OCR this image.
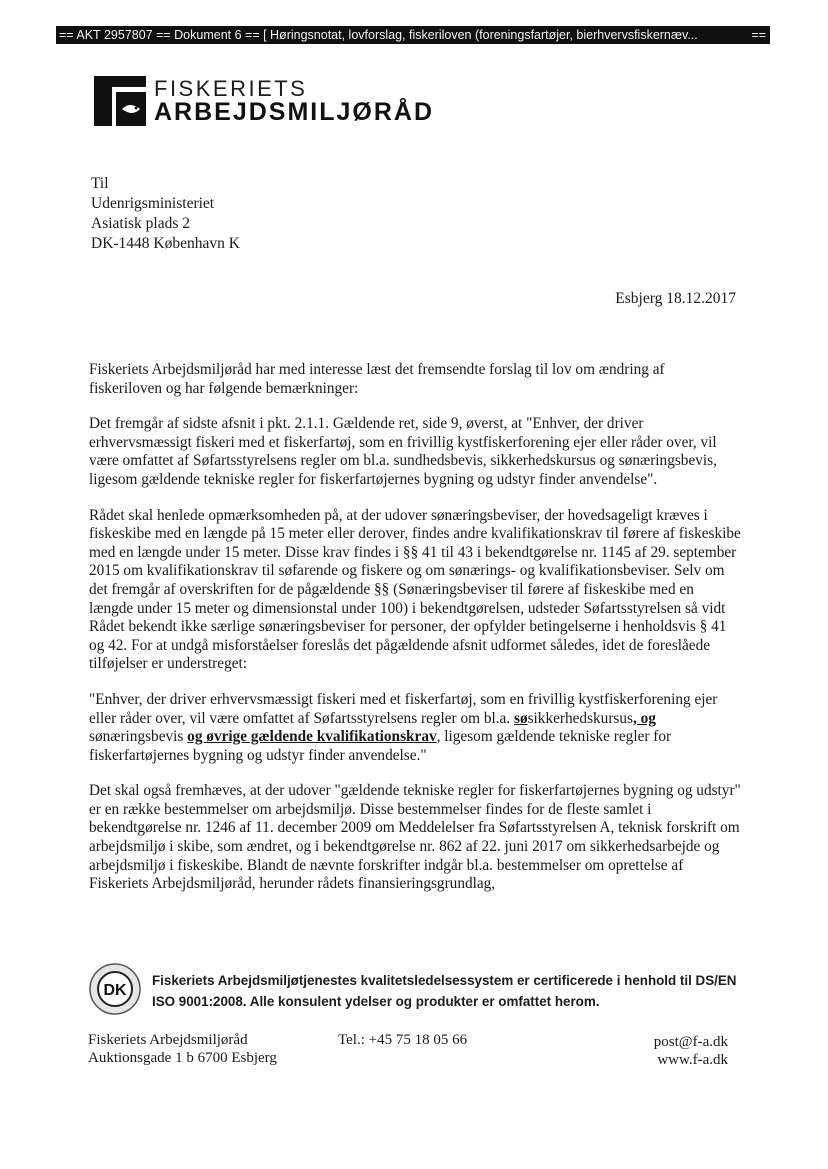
== AKT 2957807 == Dokument 6 == [ Høringsnotat, lovforslag, fiskeriloven (foreningsfartøjer, bierhvervsfiskernæv...	==
FISKERIETS
ARBEJDSMILJØRÅD
Til
Udenrigsministeriet
Asiatisk plads 2
DK-1448 København K
Esbjerg 18.12.2017

Fiskeriets Arbejdsmiljøråd har med interesse læst det fremsendte forslag til lov om ændring af fiskeriloven og har følgende bemærkninger:

Det fremgår af sidste afsnit i pkt. 2.1.1. Gældende ret, side 9, øverst, at "Enhver, der driver erhvervsmæssigt fiskeri med et fiskerfartøj, som en frivillig kystfiskerforening ejer eller råder over, vil være omfattet af Søfartsstyrelsens regler om bl.a. sundhedsbevis, sikkerhedskursus og sønæringsbevis, ligesom gældende tekniske regler for fiskerfartøjernes bygning og udstyr finder anvendelse".

Rådet skal henlede opmærksomheden på, at der udover sønæringsbeviser, der hovedsageligt kræves i fiskeskibe med en længde på 15 meter eller derover, findes andre kvalifikationskrav til førere af fiskeskibe med en længde under 15 meter. Disse krav findes i §§ 41 til 43 i bekendtgørelse nr. 1145 af 29. september 2015 om kvalifikationskrav til søfarende og fiskere og om sønærings- og kvalifikationsbeviser. Selv om det fremgår af overskriften for de pågældende §§ (Sønæringsbeviser til førere af fiskeskibe med en længde under 15 meter og dimensionstal under 100) i bekendtgørelsen, udsteder Søfartsstyrelsen så vidt Rådet bekendt ikke særlige sønæringsbeviser for personer, der opfylder betingelserne i henholdsvis § 41 og 42. For at undgå misforståelser foreslås det pågældende afsnit udformet således, idet de foreslåede tilføjelser er understreget:

"Enhver, der driver erhvervsmæssigt fiskeri med et fiskerfartøj, som en frivillig kystfiskerforening ejer eller råder over, vil være omfattet af Søfartsstyrelsens regler om bl.a. søsikkerhedskursus, og sønæringsbevis og øvrige gældende kvalifikationskrav, ligesom gældende tekniske regler for fiskerfartøjernes bygning og udstyr finder anvendelse."

Det skal også fremhæves, at der udover "gældende tekniske regler for fiskerfartøjernes bygning og udstyr" er en række bestemmelser om arbejdsmiljø. Disse bestemmelser findes for de fleste samlet i bekendtgørelse nr. 1246 af 11. december 2009 om Meddelelser fra Søfartsstyrelsen A, teknisk forskrift om arbejdsmiljø i skibe, som ændret, og i bekendtgørelse nr. 862 af 22. juni 2017 om sikkerhedsarbejde og arbejdsmiljø i fiskeskibe. Blandt de nævnte forskrifter indgår bl.a. bestemmelser om oprettelse af Fiskeriets Arbejdsmiljøråd, herunder rådets finansieringsgrundlag,

DK
Fiskeriets Arbejdsmiljøtjenestes kvalitetsledelsessystem er certificerede i henhold til DS/EN ISO 9001:2008. Alle konsulent ydelser og produkter er omfattet herom.
Fiskeriets Arbejdsmiljøråd
Auktionsgade 1 b 6700 Esbjerg
Tel.: +45 75 18 05 66	post@f-a.dk
www.f-a.dk
